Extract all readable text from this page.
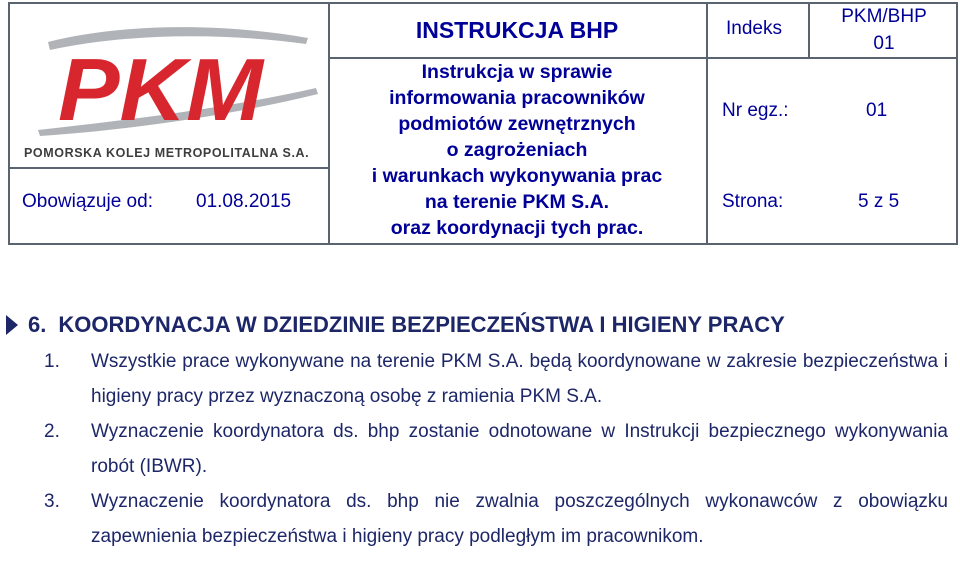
PKM
POMORSKA KOLEJ METROPOLITALNA S.A.
Obowiązuje od: 01.08.2015
INSTRUKCJA BHP
Instrukcja w sprawie
informowania pracowników
podmiotów zewnętrznych
o zagrożeniach
i warunkach wykonywania prac
na terenie PKM S.A.
oraz koordynacji tych prac.
Indeks
PKM/BHP
01
Nr egz.:	01
Strona:	5 z 5
6. KOORDYNACJA W DZIEDZINIE BEZPIECZEŃSTWA I HIGIENY PRACY
1. Wszystkie prace wykonywane na terenie PKM S.A. będą koordynowane w zakresie bezpieczeństwa i higieny pracy przez wyznaczoną osobę z ramienia PKM S.A.
2. Wyznaczenie koordynatora ds. bhp zostanie odnotowane w Instrukcji bezpiecznego wykonywania robót (IBWR).
3. Wyznaczenie koordynatora ds. bhp nie zwalnia poszczególnych wykonawców z obowiązku zapewnienia bezpieczeństwa i higieny pracy podległym im pracownikom.
